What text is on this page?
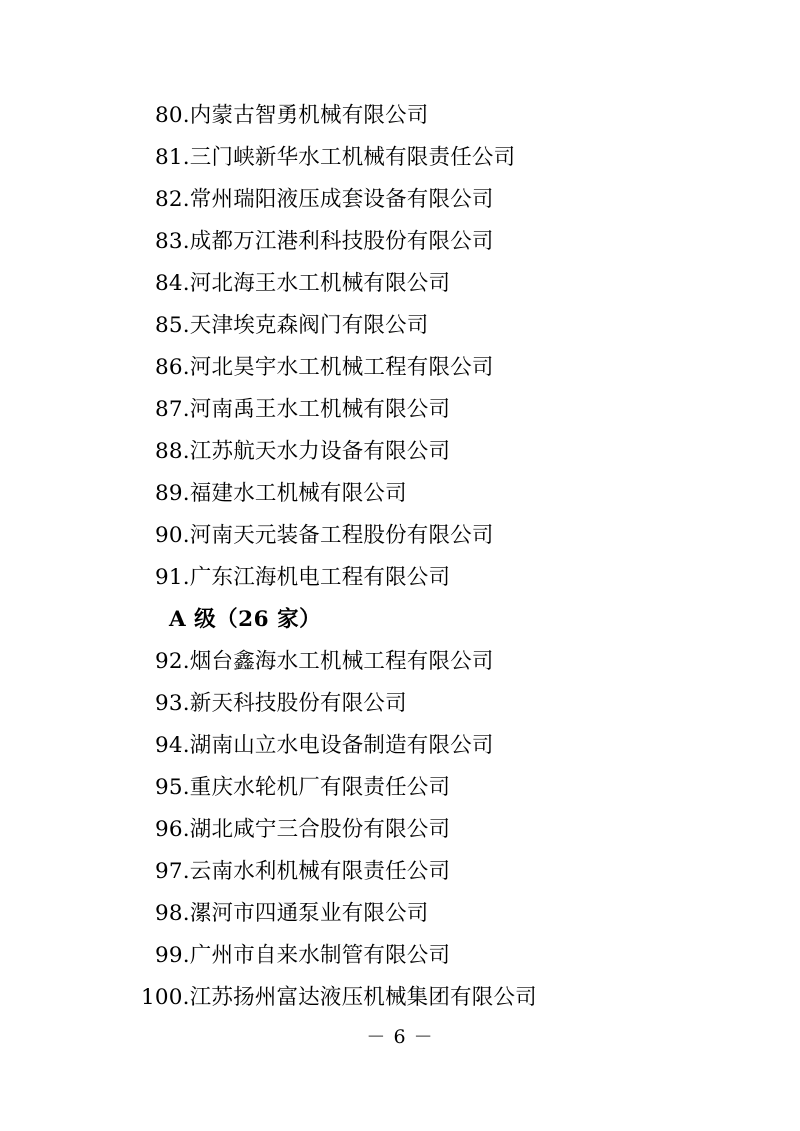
80.内蒙古智勇机械有限公司
81.三门峡新华水工机械有限责任公司
82.常州瑞阳液压成套设备有限公司
83.成都万江港利科技股份有限公司
84.河北海王水工机械有限公司
85.天津埃克森阀门有限公司
86.河北昊宇水工机械工程有限公司
87.河南禹王水工机械有限公司
88.江苏航天水力设备有限公司
89.福建水工机械有限公司
90.河南天元装备工程股份有限公司
91.广东江海机电工程有限公司
A 级（26 家）
92.烟台鑫海水工机械工程有限公司
93.新天科技股份有限公司
94.湖南山立水电设备制造有限公司
95.重庆水轮机厂有限责任公司
96.湖北咸宁三合股份有限公司
97.云南水利机械有限责任公司
98.漯河市四通泵业有限公司
99.广州市自来水制管有限公司
100.江苏扬州富达液压机械集团有限公司
－ 6 －
